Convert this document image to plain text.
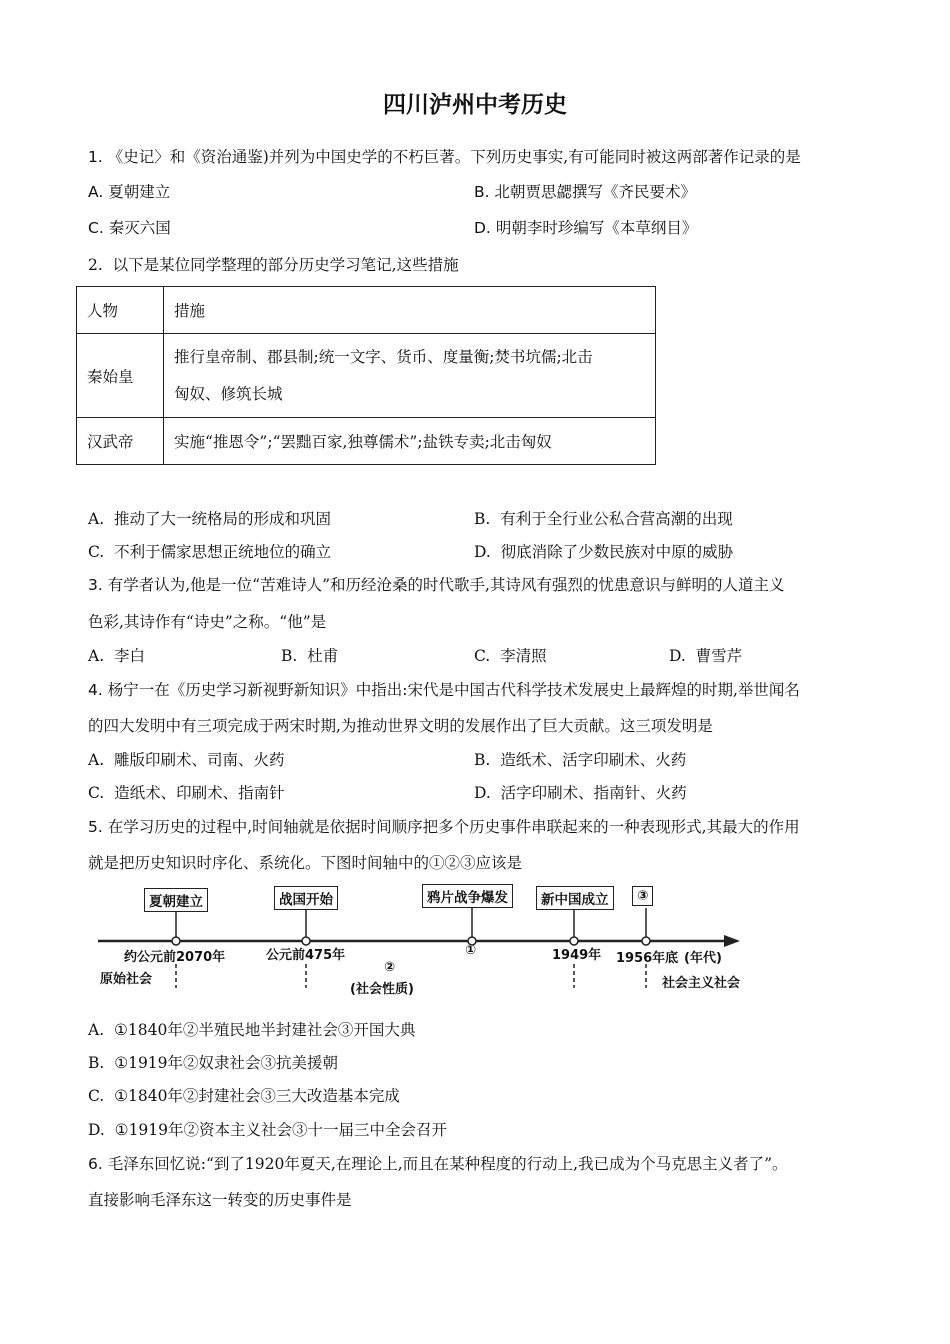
四川泸州中考历史
1. 《史记〉和《资治通鉴)并列为中国史学的不朽巨著。下列历史事实,有可能同时被这两部著作记录的是
A. 夏朝建立	B. 北朝贾思勰撰写《齐民要术》
C. 秦灭六国	D. 明朝李时珍编写《本草纲目》
2. 以下是某位同学整理的部分历史学习笔记,这些措施
人物	措施
秦始皇	推行皇帝制、郡县制;统一文字、货币、度量衡;焚书坑儒;北击
匈奴、修筑长城

汉武帝	实施“推恩令”;“罢黜百家,独尊儒术”;盐铁专卖;北击匈奴
A. 推动了大一统格局的形成和巩固	B. 有利于全行业公私合营高潮的出现
C. 不利于儒家思想正统地位的确立	D. 彻底消除了少数民族对中原的威胁
3. 有学者认为,他是一位“苦难诗人”和历经沧桑的时代歌手,其诗风有强烈的忧患意识与鲜明的人道主义
色彩,其诗作有“诗史”之称。“他”是
A. 李白	B. 杜甫	C. 李清照	D. 曹雪芹
4. 杨宁一在《历史学习新视野新知识》中指出:宋代是中国古代科学技术发展史上最辉煌的时期,举世闻名
的四大发明中有三项完成于两宋时期,为推动世界文明的发展作出了巨大贡献。这三项发明是
A. 雕版印刷术、司南、火药	B. 造纸术、活字印刷术、火药
C. 造纸术、印刷术、指南针	D. 活字印刷术、指南针、火药
5. 在学习历史的过程中,时间轴就是依据时间顺序把多个历史事件串联起来的一种表现形式,其最大的作用
就是把历史知识时序化、系统化。下图时间轴中的①②③应该是
夏朝建立	战国开始	鸦片战争爆发	新中国成立	③
约公元前2070年	公元前475年	①	1949年 1956年底 (年代)
原始社会
②
(社会性质)	社会主义社会
A. ①1840年②半殖民地半封建社会③开国大典
B. ①1919年②奴隶社会③抗美援朝
C. ①1840年②封建社会③三大改造基本完成
D. ①1919年②资本主义社会③十一届三中全会召开
6. 毛泽东回忆说:“到了1920年夏天,在理论上,而且在某种程度的行动上,我已成为个马克思主义者了”。
直接影响毛泽东这一转变的历史事件是
